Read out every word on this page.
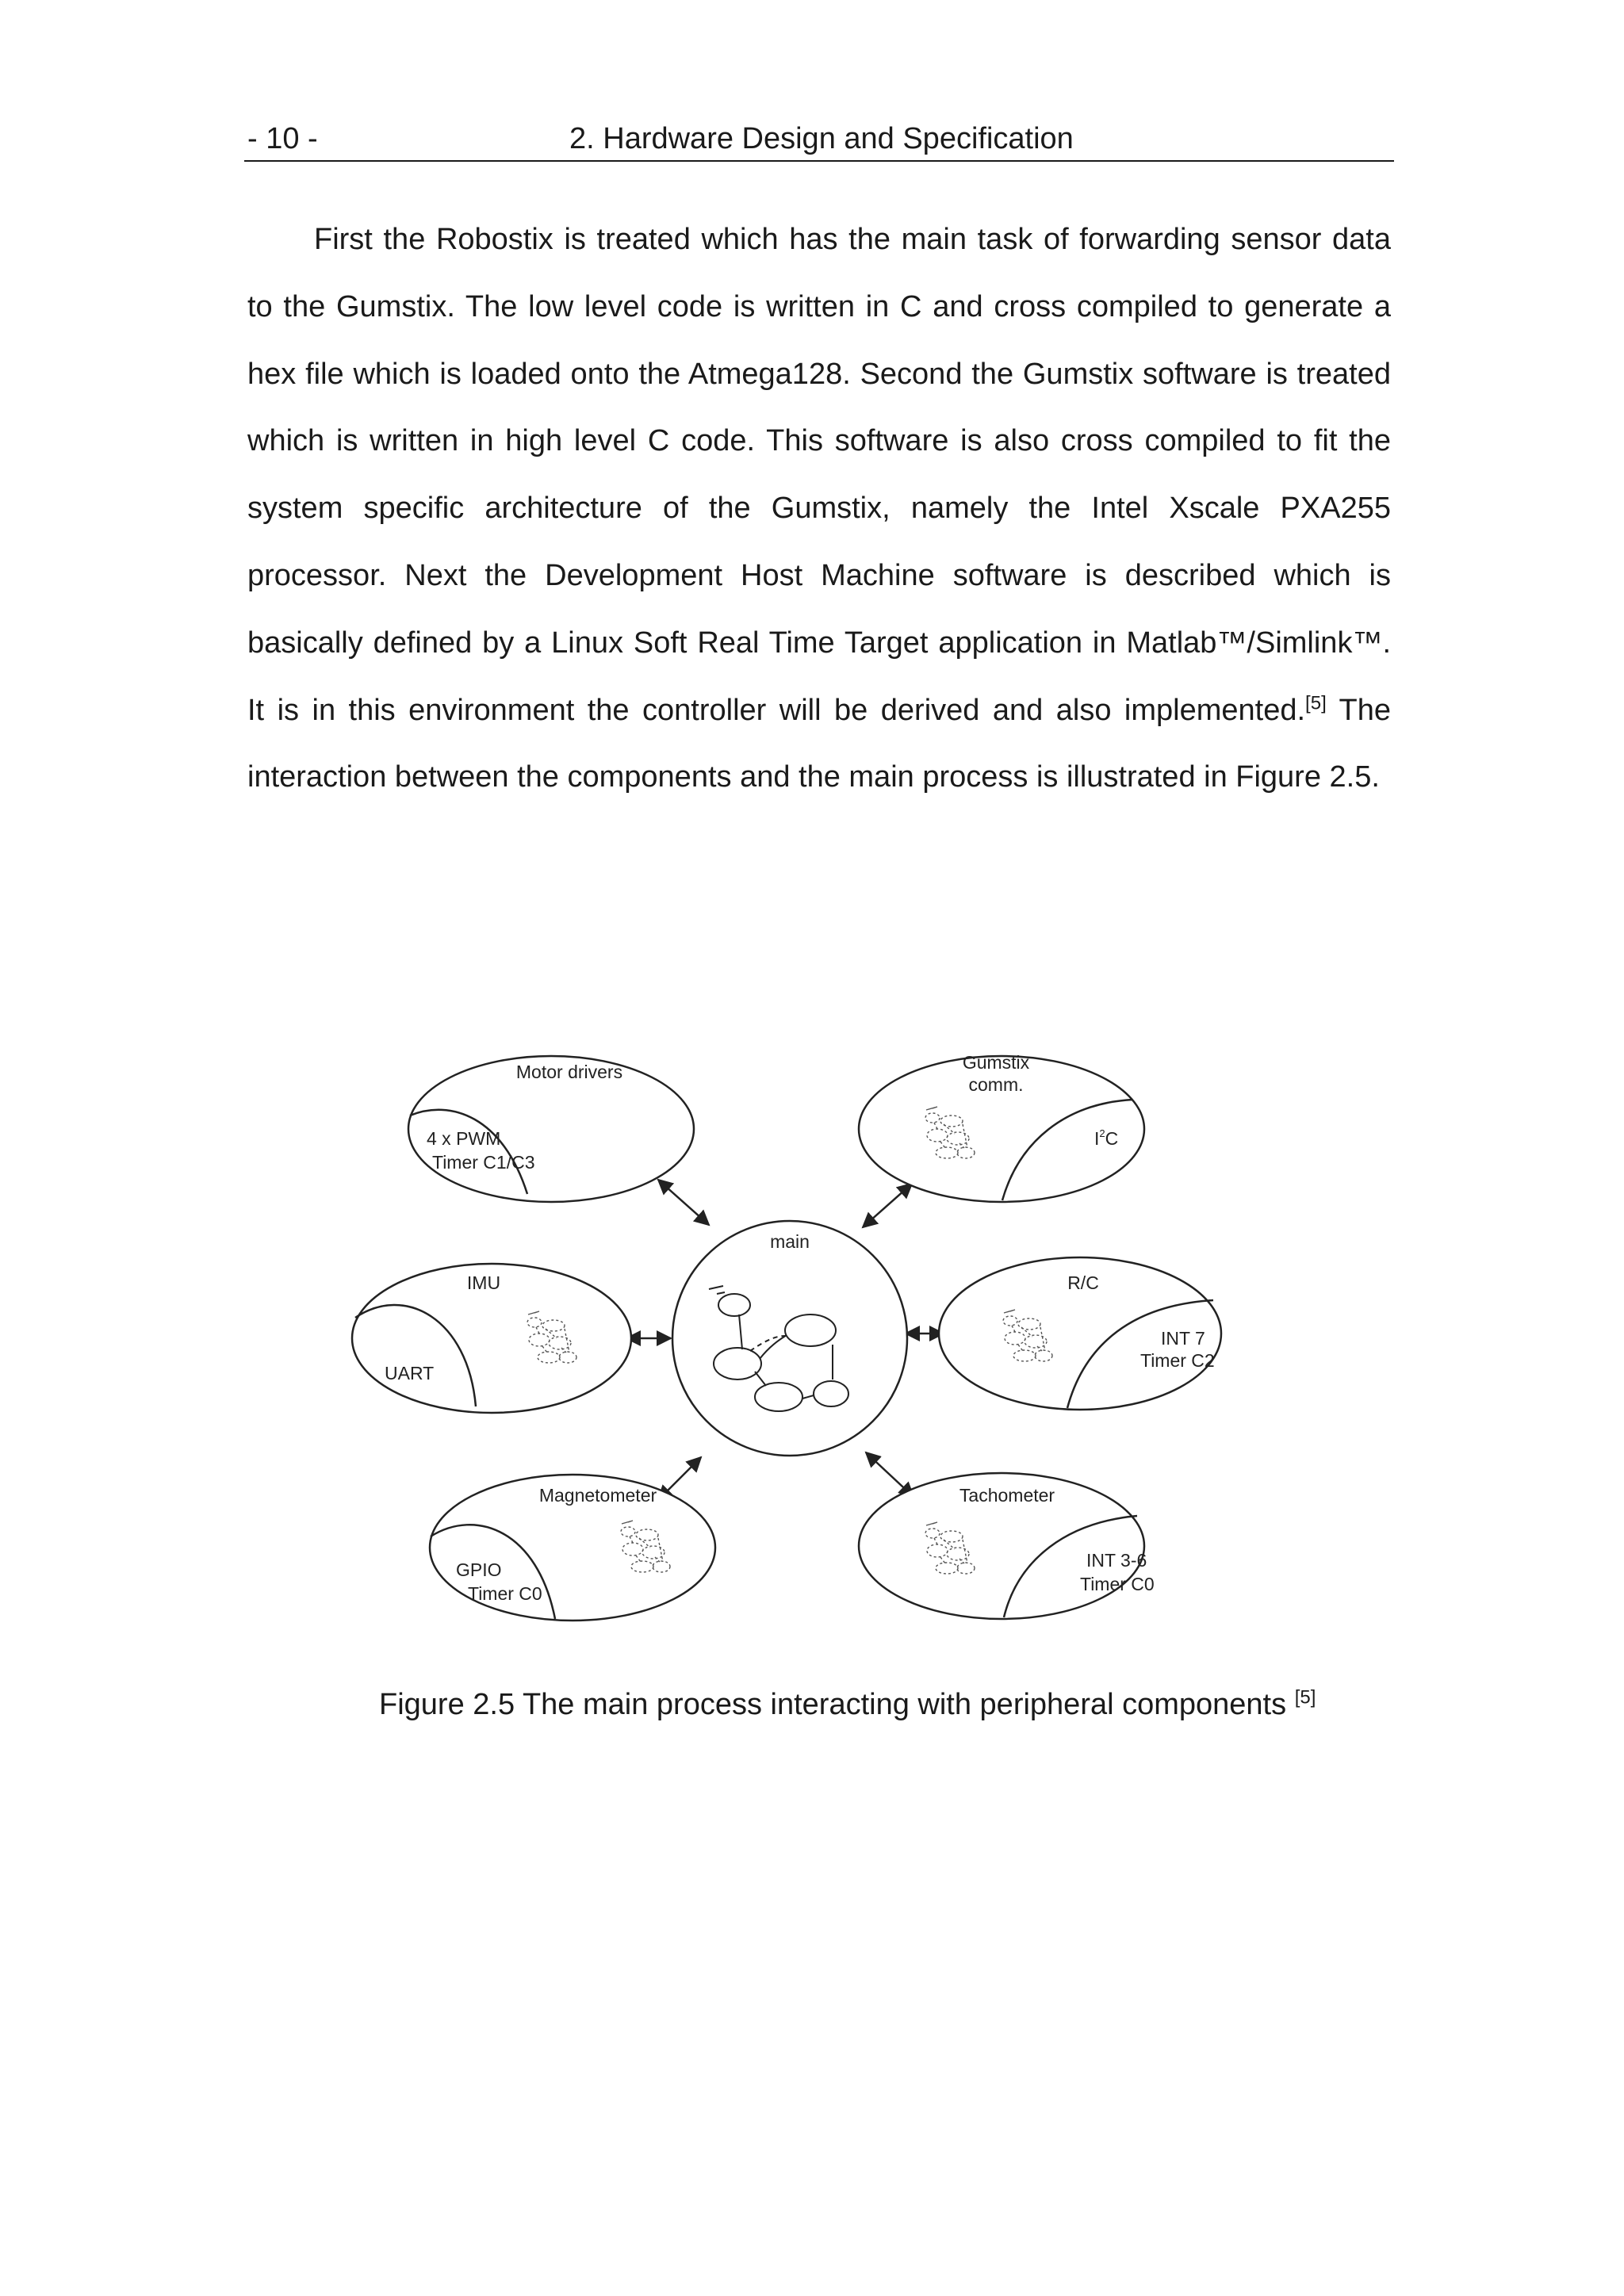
- 10 -	2. Hardware Design and Specification

First the Robostix is treated which has the main task of forwarding sensor data to the Gumstix. The low level code is written in C and cross compiled to generate a hex file which is loaded onto the Atmega128. Second the Gumstix software is treated which is written in high level C code. This software is also cross compiled to fit the system specific architecture of the Gumstix, namely the Intel Xscale PXA255 processor. Next the Development Host Machine software is described which is basically defined by a Linux Soft Real Time Target application in Matlab™/Simlink™. It is in this environment the controller will be derived and also implemented.[5] The interaction between the components and the main process is illustrated in Figure 2.5.

Motor drivers
4 x PWM
Timer C1/C3
Gumstix
comm.
$I^2C$
IMU
UART
main
R/C
INT 7
Timer C2
Magnetometer
GPIO
Timer C0
Tachometer
INT 3-6
Timer C0
Figure 2.5 The main process interacting with peripheral components [5]
